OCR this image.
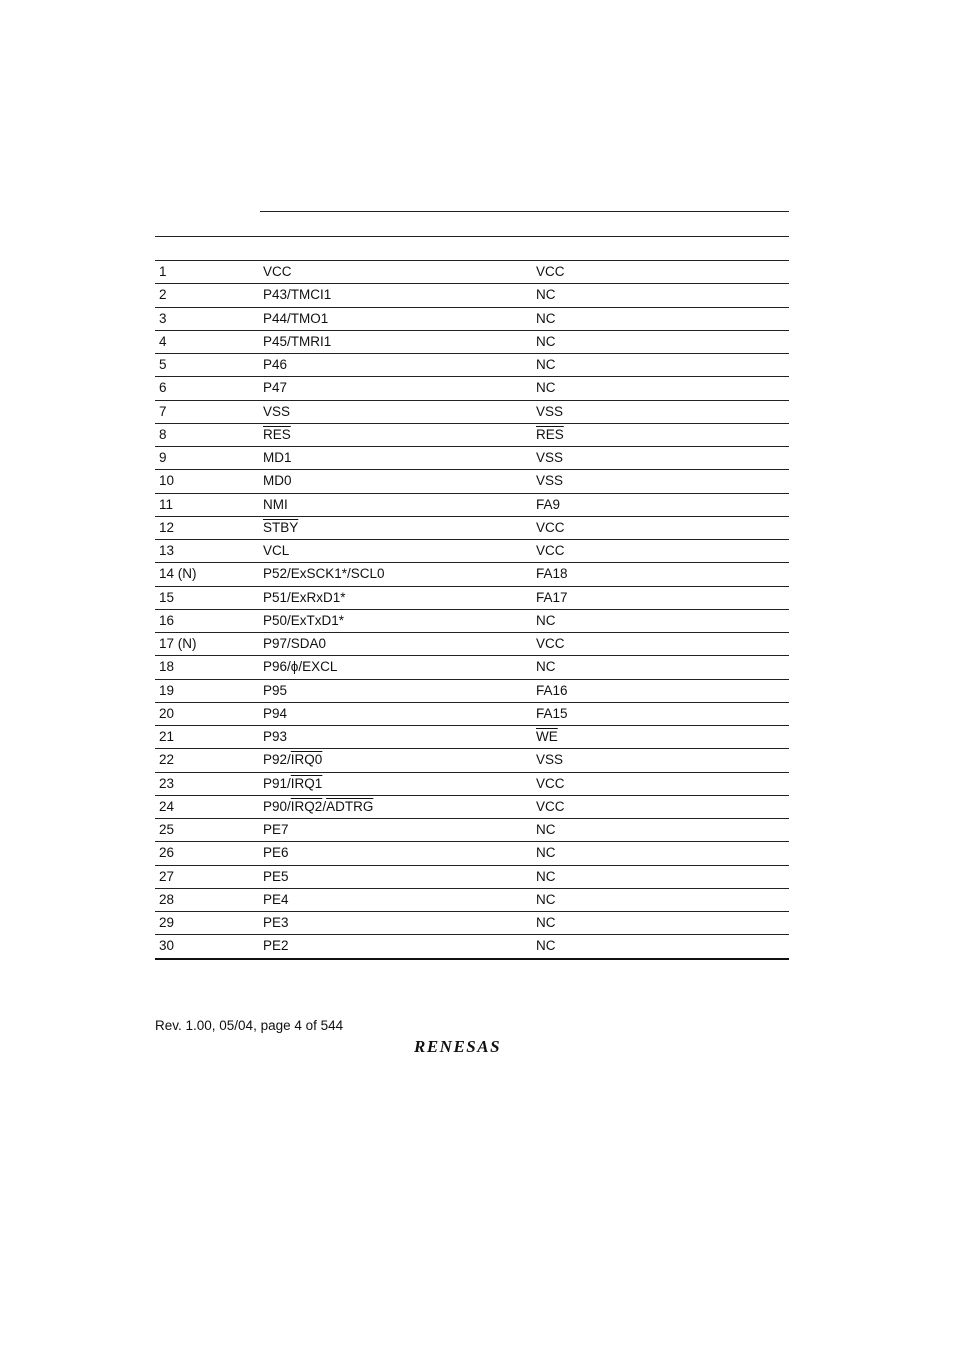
1	VCC	VCC
2	P43/TMCI1	NC
3	P44/TMO1	NC
4	P45/TMRI1	NC
5	P46	NC
6	P47	NC
7	VSS	VSS
8	$\overline{RES}$	$\overline{RES}$
9	MD1	VSS
10	MD0	VSS
11	NMI	FA9
12	STBY	VCC
13	VCL	VCC
14 (N)	P52/ExSCK1*/SCL0	FA18
15	P51/ExRxD1*	FA17
16	P50/ExTxD1*	NC
17 (N)	P97/SDA0	VCC
18	P96/ϕ/EXCL	NC
19	P95	FA16
20	P94	FA15
21	P93	$\overline{WE}$
22	P92/IRQ0	VSS
23	P91/IRQ1	VCC
24	P90/IRQ2/ADTRG	VCC
25	PE7	NC
26	PE6	NC
27	PE5	NC
28	PE4	NC
29	PE3	NC
30	PE2	NC
Rev. 1.00, 05/04, page 4 of 544
RENESAS
